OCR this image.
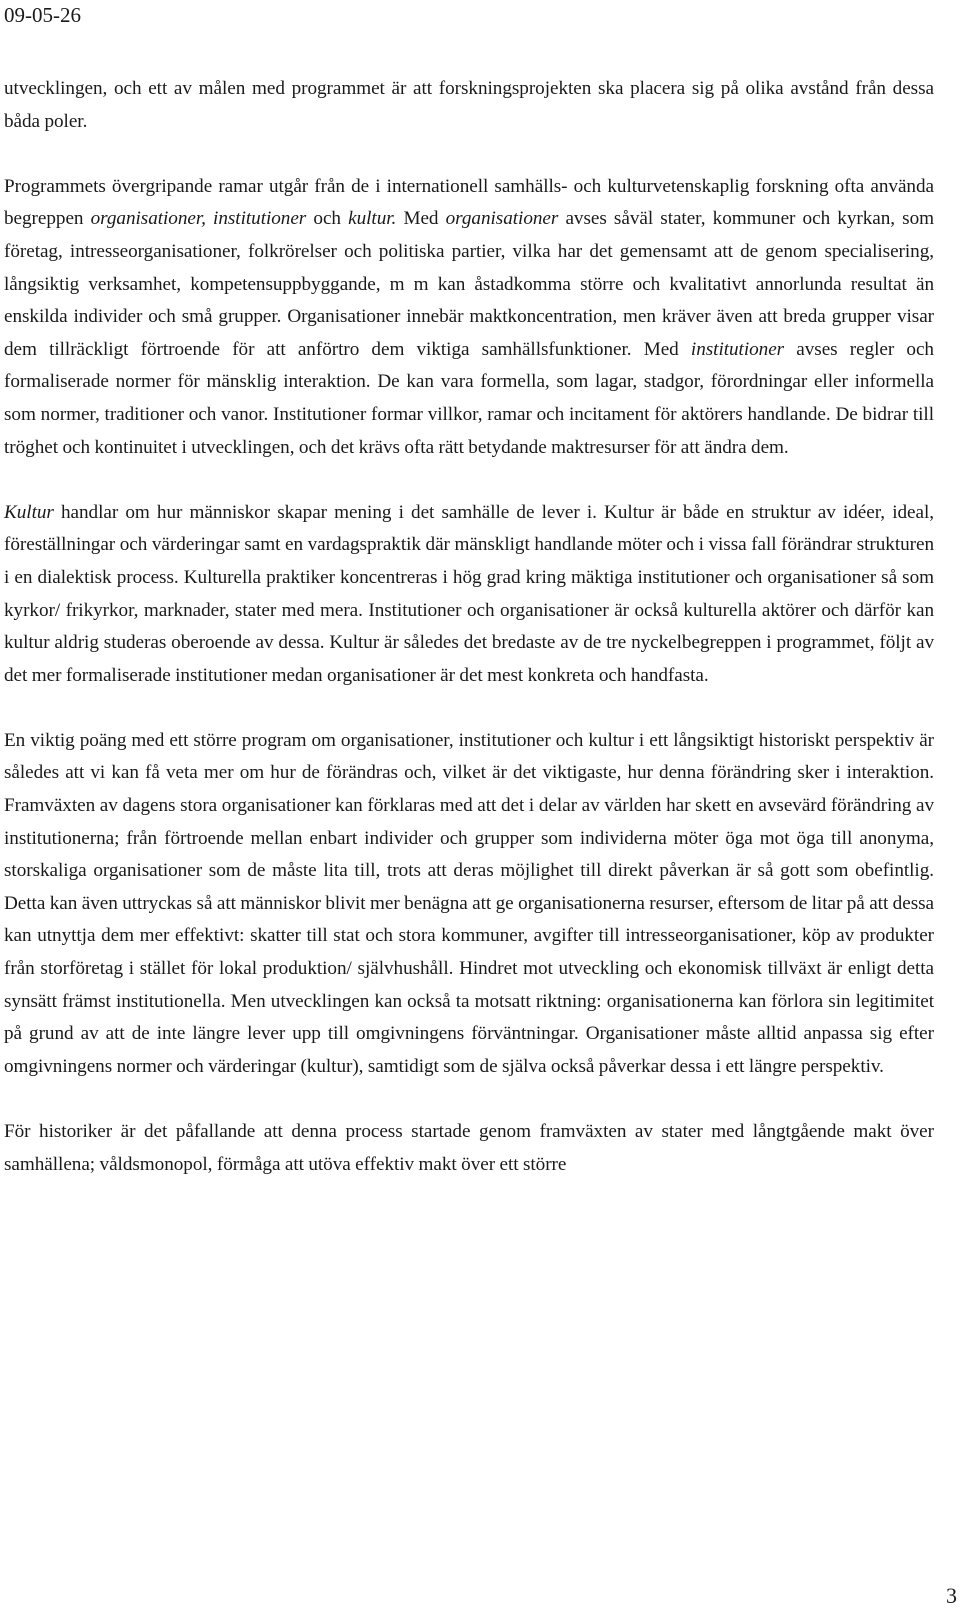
09-05-26

utvecklingen, och ett av målen med programmet är att forskningsprojekten ska placera sig på olika avstånd från dessa båda poler.

Programmets övergripande ramar utgår från de i internationell samhälls- och kulturvetenskaplig forskning ofta använda begreppen organisationer, institutioner och kultur. Med organisationer avses såväl stater, kommuner och kyrkan, som företag, intresseorganisationer, folkrörelser och politiska partier, vilka har det gemensamt att de genom specialisering, långsiktig verksamhet, kompetensuppbyggande, m m kan åstadkomma större och kvalitativt annorlunda resultat än enskilda individer och små grupper. Organisationer innebär maktkoncentration, men kräver även att breda grupper visar dem tillräckligt förtroende för att anförtro dem viktiga samhällsfunktioner. Med institutioner avses regler och formaliserade normer för mänsklig interaktion. De kan vara formella, som lagar, stadgor, förordningar eller informella som normer, traditioner och vanor. Institutioner formar villkor, ramar och incitament för aktörers handlande. De bidrar till tröghet och kontinuitet i utvecklingen, och det krävs ofta rätt betydande maktresurser för att ändra dem.

Kultur handlar om hur människor skapar mening i det samhälle de lever i. Kultur är både en struktur av idéer, ideal, föreställningar och värderingar samt en vardagspraktik där mänskligt handlande möter och i vissa fall förändrar strukturen i en dialektisk process. Kulturella praktiker koncentreras i hög grad kring mäktiga institutioner och organisationer så som kyrkor/ frikyrkor, marknader, stater med mera. Institutioner och organisationer är också kulturella aktörer och därför kan kultur aldrig studeras oberoende av dessa. Kultur är således det bredaste av de tre nyckelbegreppen i programmet, följt av det mer formaliserade institutioner medan organisationer är det mest konkreta och handfasta.

En viktig poäng med ett större program om organisationer, institutioner och kultur i ett långsiktigt historiskt perspektiv är således att vi kan få veta mer om hur de förändras och, vilket är det viktigaste, hur denna förändring sker i interaktion. Framväxten av dagens stora organisationer kan förklaras med att det i delar av världen har skett en avsevärd förändring av institutionerna; från förtroende mellan enbart individer och grupper som individerna möter öga mot öga till anonyma, storskaliga organisationer som de måste lita till, trots att deras möjlighet till direkt påverkan är så gott som obefintlig. Detta kan även uttryckas så att människor blivit mer benägna att ge organisationerna resurser, eftersom de litar på att dessa kan utnyttja dem mer effektivt: skatter till stat och stora kommuner, avgifter till intresseorganisationer, köp av produkter från storföretag i stället för lokal produktion/ självhushåll. Hindret mot utveckling och ekonomisk tillväxt är enligt detta synsätt främst institutionella. Men utvecklingen kan också ta motsatt riktning: organisationerna kan förlora sin legitimitet på grund av att de inte längre lever upp till omgivningens förväntningar. Organisationer måste alltid anpassa sig efter omgivningens normer och värderingar (kultur), samtidigt som de själva också påverkar dessa i ett längre perspektiv.

För historiker är det påfallande att denna process startade genom framväxten av stater med långtgående makt över samhällena; våldsmonopol, förmåga att utöva effektiv makt över ett större

3
